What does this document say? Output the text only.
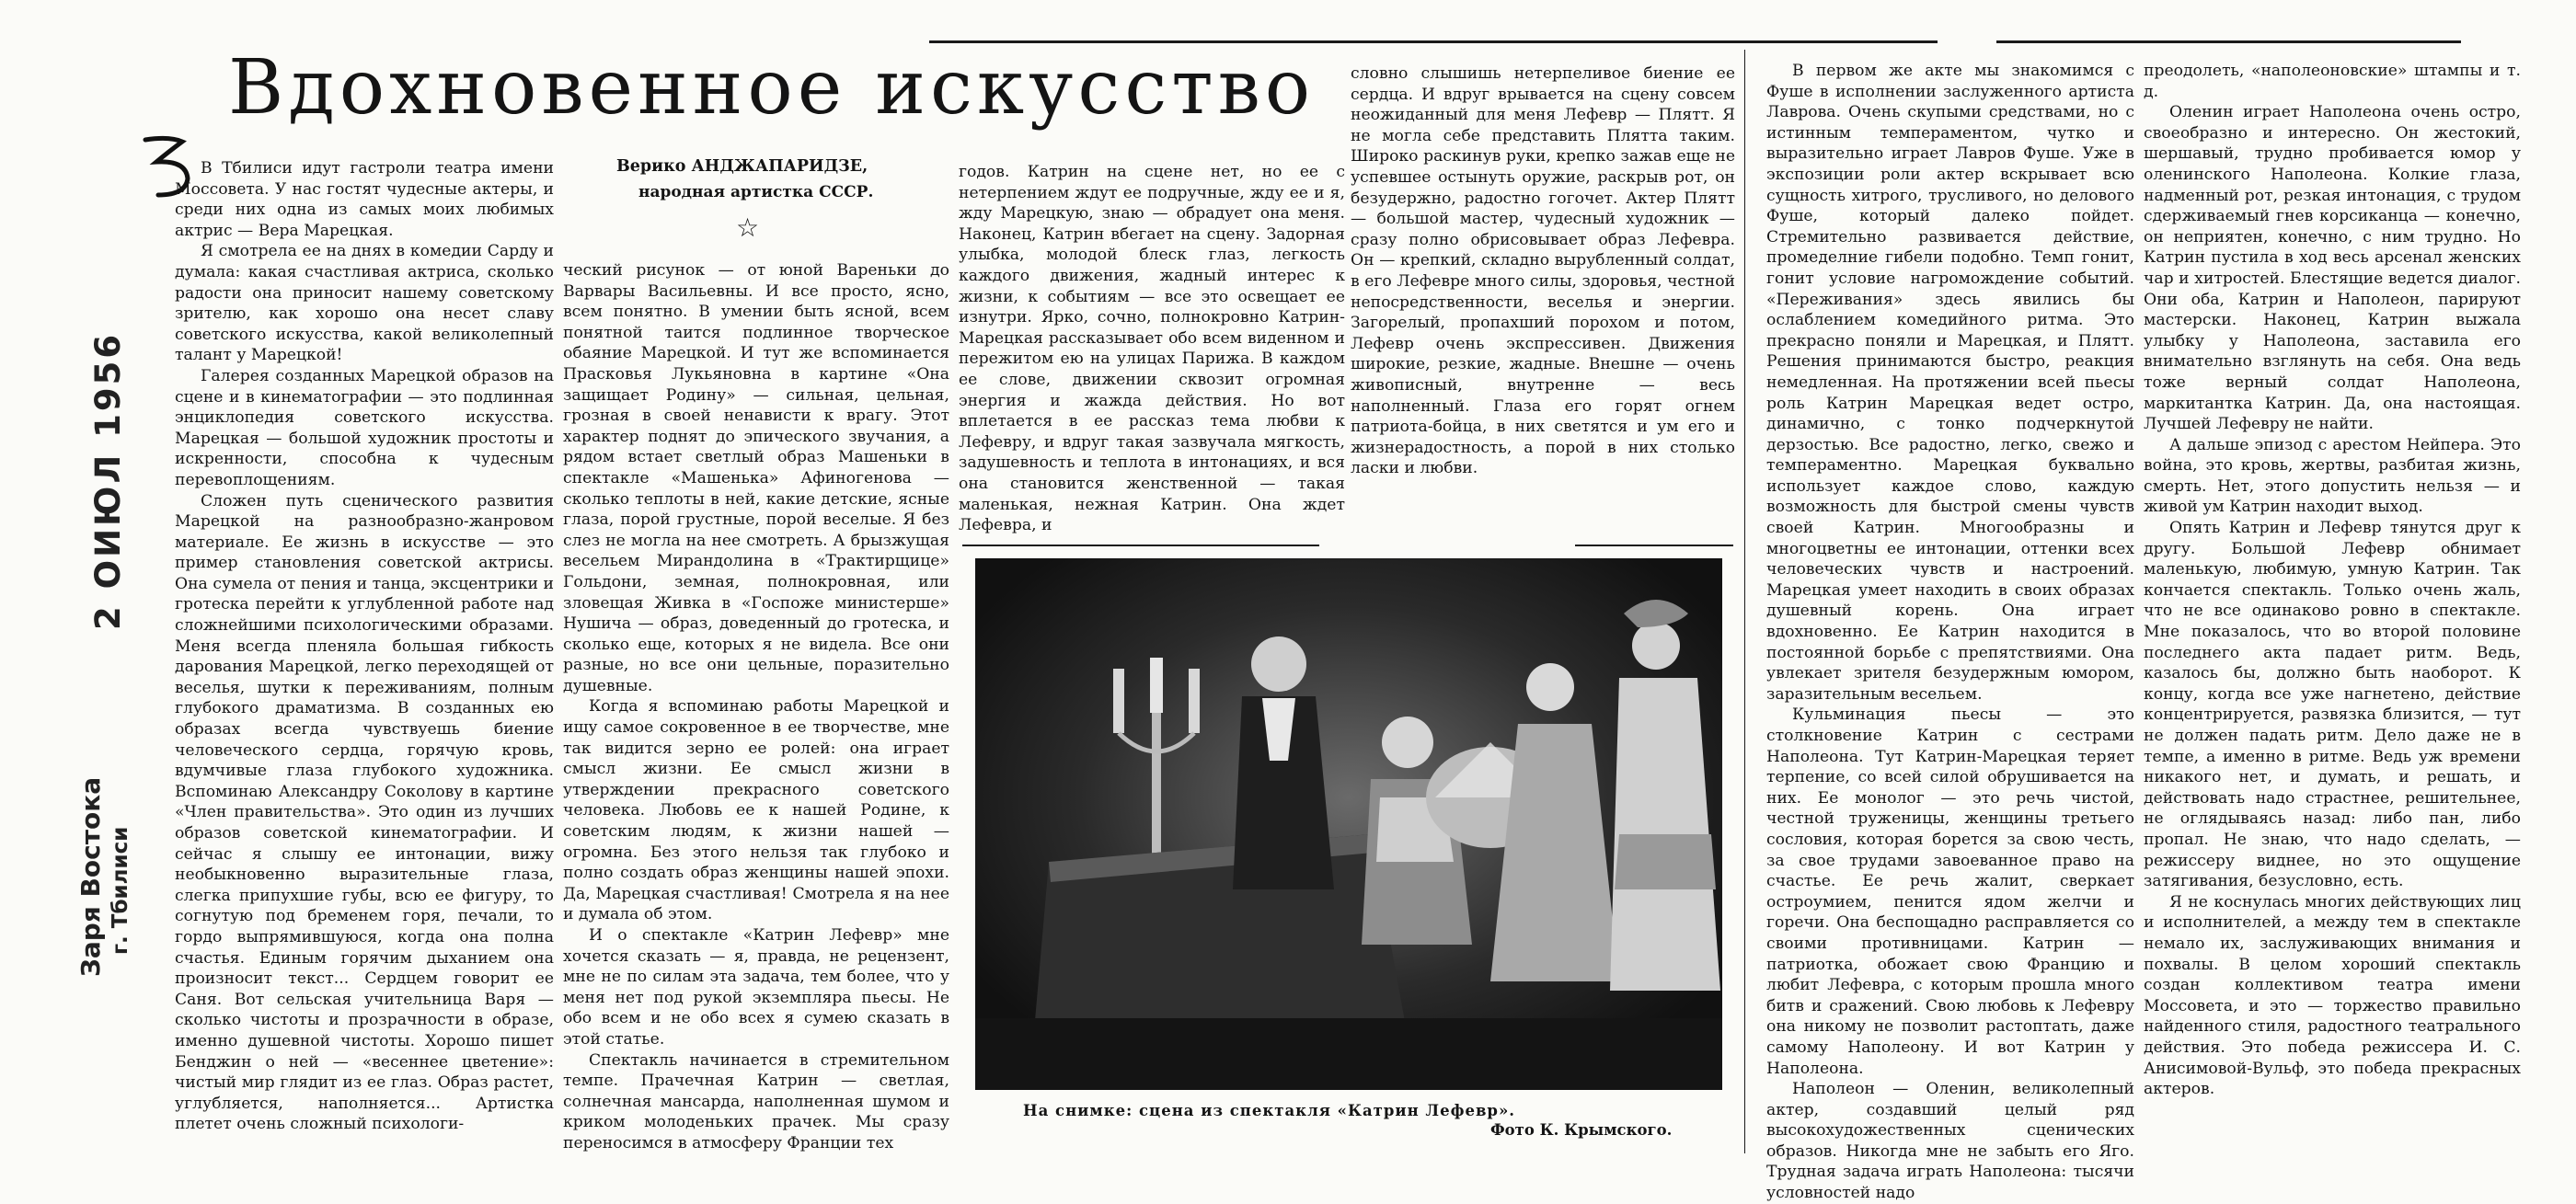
Вдохновенное искусство
2 ОИЮЛ 1956
Заря Востока г. Тбилиси
Верико АНДЖАПАРИДЗЕ,
народная артистка СССР.
☆

В Тбилиси идут гастроли театра имени Моссовета. У нас гостят чудесные актеры, и среди них одна из самых моих любимых актрис — Вера Марецкая.

Я смотрела ее на днях в комедии Сарду и думала: какая счастливая актриса, сколько радости она приносит нашему советскому зрителю, как хорошо она несет славу советского искусства, какой великолепный талант у Марецкой!

Галерея созданных Марецкой образов на сцене и в кинематографии — это подлинная энциклопедия советского искусства. Марецкая — большой художник простоты и искренности, способна к чудесным перевоплощениям.

Сложен путь сценического развития Марецкой на разнообразно-жанровом материале. Ее жизнь в искусстве — это пример становления советской актрисы. Она сумела от пения и танца, эксцентрики и гротеска перейти к углубленной работе над сложнейшими психологическими образами. Меня всегда пленяла большая гибкость дарования Марецкой, легко переходящей от веселья, шутки к переживаниям, полным глубокого драматизма. В созданных ею образах всегда чувствуешь биение человеческого сердца, горячую кровь, вдумчивые глаза глубокого художника. Вспоминаю Александру Соколову в картине «Член правительства». Это один из лучших образов советской кинематографии. И сейчас я слышу ее интонации, вижу необыкновенно выразительные глаза, слегка припухшие губы, всю ее фигуру, то согнутую под бременем горя, печали, то гордо выпрямившуюся, когда она полна счастья. Единым горячим дыханием она произносит текст... Сердцем говорит ее Саня. Вот сельская учительница Варя — сколько чистоты и прозрачности в образе, именно душевной чистоты. Хорошо пишет Бенджин о ней — «весеннее цветение»: чистый мир глядит из ее глаз. Образ растет, углубляется, наполняется... Артистка плетет очень сложный психологи-

ческий рисунок — от юной Вареньки до Варвары Васильевны. И все просто, ясно, всем понятно. В умении быть ясной, всем понятной таится подлинное творческое обаяние Марецкой. И тут же вспоминается Прасковья Лукьяновна в картине «Она защищает Родину» — сильная, цельная, грозная в своей ненависти к врагу. Этот характер поднят до эпического звучания, а рядом встает светлый образ Машеньки в спектакле «Машенька» Афиногенова — сколько теплоты в ней, какие детские, ясные глаза, порой грустные, порой веселые. Я без слез не могла на нее смотреть. А брызжущая весельем Мирандолина в «Трактирщице» Гольдони, земная, полнокровная, или зловещая Живка в «Госпоже министерше» Нушича — образ, доведенный до гротеска, и сколько еще, которых я не видела. Все они разные, но все они цельные, поразительно душевные.

Когда я вспоминаю работы Марецкой и ищу самое сокровенное в ее творчестве, мне так видится зерно ее ролей: она играет смысл жизни. Ее смысл жизни в утверждении прекрасного советского человека. Любовь ее к нашей Родине, к советским людям, к жизни нашей — огромна. Без этого нельзя так глубоко и полно создать образ женщины нашей эпохи. Да, Марецкая счастливая! Смотрела я на нее и думала об этом.

И о спектакле «Катрин Лефевр» мне хочется сказать — я, правда, не рецензент, мне не по силам эта задача, тем более, что у меня нет под рукой экземпляра пьесы. Не обо всем и не обо всех я сумею сказать в этой статье.

Спектакль начинается в стремительном темпе. Прачечная Катрин — светлая, солнечная мансарда, наполненная шумом и криком молоденьких прачек. Мы сразу переносимся в атмосферу Франции тех

годов. Катрин на сцене нет, но ее с нетерпением ждут ее подручные, жду ее и я, жду Марецкую, знаю — обрадует она меня. Наконец, Катрин вбегает на сцену. Задорная улыбка, молодой блеск глаз, легкость каждого движения, жадный интерес к жизни, к событиям — все это освещает ее изнутри. Ярко, сочно, полнокровно Катрин-Марецкая рассказывает обо всем виденном и пережитом ею на улицах Парижа. В каждом ее слове, движении сквозит огромная энергия и жажда действия. Но вот вплетается в ее рассказ тема любви к Лефевру, и вдруг такая зазвучала мягкость, задушевность и теплота в интонациях, и вся она становится женственной — такая маленькая, нежная Катрин. Она ждет Лефевра, и

словно слышишь нетерпеливое биение ее сердца. И вдруг врывается на сцену совсем неожиданный для меня Лефевр — Плятт. Я не могла себе представить Плятта таким. Широко раскинув руки, крепко зажав еще не успевшее остынуть оружие, раскрыв рот, он безудержно, радостно гогочет. Актер Плятт — большой мастер, чудесный художник — сразу полно обрисовывает образ Лефевра. Он — крепкий, складно вырубленный солдат, в его Лефевре много силы, здоровья, честной непосредственности, веселья и энергии. Загорелый, пропахший порохом и потом, Лефевр очень экспрессивен. Движения широкие, резкие, жадные. Внешне — очень живописный, внутренне — весь наполненный. Глаза его горят огнем патриота-бойца, в них светятся и ум его и жизнерадостность, а порой в них столько ласки и любви.

На снимке: сцена из спектакля «Катрин Лефевр».
Фото К. Крымского.

В первом же акте мы знакомимся с Фуше в исполнении заслуженного артиста Лаврова. Очень скупыми средствами, но с истинным темпераментом, чутко и выразительно играет Лавров Фуше. Уже в экспозиции роли актер вскрывает всю сущность хитрого, трусливого, но делового Фуше, который далеко пойдет. Стремительно развивается действие, промеделние гибели подобно. Темп гонит, гонит условие нагромождение событий. «Переживания» здесь явились бы ослаблением комедийного ритма. Это прекрасно поняли и Марецкая, и Плятт. Решения принимаются быстро, реакция немедленная. На протяжении всей пьесы роль Катрин Марецкая ведет остро, динамично, с тонко подчеркнутой дерзостью. Все радостно, легко, свежо и темпераментно. Марецкая буквально использует каждое слово, каждую возможность для быстрой смены чувств своей Катрин. Многообразны и многоцветны ее интонации, оттенки всех человеческих чувств и настроений. Марецкая умеет находить в своих образах душевный корень. Она играет вдохновенно. Ее Катрин находится в постоянной борьбе с препятствиями. Она увлекает зрителя безудержным юмором, заразительным весельем.

Кульминация пьесы — это столкновение Катрин с сестрами Наполеона. Тут Катрин-Марецкая теряет терпение, со всей силой обрушивается на них. Ее монолог — это речь чистой, честной труженицы, женщины третьего сословия, которая борется за свою честь, за свое трудами завоеванное право на счастье. Ее речь жалит, сверкает остроумием, пенится ядом желчи и горечи. Она беспощадно расправляется со своими противницами. Катрин — патриотка, обожает свою Францию и любит Лефевра, с которым прошла много битв и сражений. Свою любовь к Лефевру она никому не позволит растоптать, даже самому Наполеону. И вот Катрин у Наполеона.

Наполеон — Оленин, великолепный актер, создавший целый ряд высокохудожественных сценических образов. Никогда мне не забыть его Яго. Трудная задача играть Наполеона: тысячи условностей надо

преодолеть, «наполеоновские» штампы и т. д.

Оленин играет Наполеона очень остро, своеобразно и интересно. Он жестокий, шершавый, трудно пробивается юмор у оленинского Наполеона. Колкие глаза, надменный рот, резкая интонация, с трудом сдерживаемый гнев корсиканца — конечно, он неприятен, конечно, с ним трудно. Но Катрин пустила в ход весь арсенал женских чар и хитростей. Блестящие ведется диалог. Они оба, Катрин и Наполеон, парируют мастерски. Наконец, Катрин выжала улыбку у Наполеона, заставила его внимательно взглянуть на себя. Она ведь тоже верный солдат Наполеона, маркитантка Катрин. Да, она настоящая. Лучшей Лефевру не найти.

А дальше эпизод с арестом Нейпера. Это война, это кровь, жертвы, разбитая жизнь, смерть. Нет, этого допустить нельзя — и живой ум Катрин находит выход.

Опять Катрин и Лефевр тянутся друг к другу. Большой Лефевр обнимает маленькую, любимую, умную Катрин. Так кончается спектакль. Только очень жаль, что не все одинаково ровно в спектакле. Мне показалось, что во второй половине последнего акта падает ритм. Ведь, казалось бы, должно быть наоборот. К концу, когда все уже нагнетено, действие концентрируется, развязка близится, — тут не должен падать ритм. Дело даже не в темпе, а именно в ритме. Ведь уж времени никакого нет, и думать, и решать, и действовать надо страстнее, решительнее, не оглядываясь назад: либо пан, либо пропал. Не знаю, что надо сделать, — режиссеру виднее, но это ощущение затягивания, безусловно, есть.

Я не коснулась многих действующих лиц и исполнителей, а между тем в спектакле немало их, заслуживающих внимания и похвалы. В целом хороший спектакль создан коллективом театра имени Моссовета, и это — торжество правильно найденного стиля, радостного театрального действия. Это победа режиссера И. С. Анисимовой-Вульф, это победа прекрасных актеров.
